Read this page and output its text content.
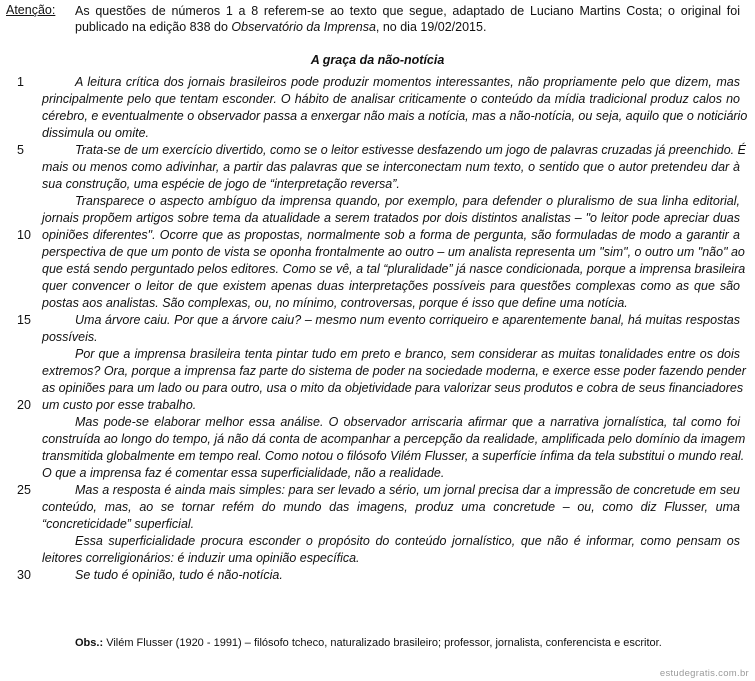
Atenção: As questões de números 1 a 8 referem-se ao texto que segue, adaptado de Luciano Martins Costa; o original foi publicado na edição 838 do Observatório da Imprensa, no dia 19/02/2015.
A graça da não-notícia
1	A leitura crítica dos jornais brasileiros pode produzir momentos interessantes, não propriamente pelo que dizem, mas
principalmente pelo que tentam esconder. O hábito de analisar criticamente o conteúdo da mídia tradicional produz calos no
cérebro, e eventualmente o observador passa a enxergar não mais a notícia, mas a não-notícia, ou seja, aquilo que o noticiário
dissimula ou omite.
5	Trata-se de um exercício divertido, como se o leitor estivesse desfazendo um jogo de palavras cruzadas já preenchido. É
mais ou menos como adivinhar, a partir das palavras que se interconectam num texto, o sentido que o autor pretendeu dar à
sua construção, uma espécie de jogo de “interpretação reversa”.
Transparece o aspecto ambíguo da imprensa quando, por exemplo, para defender o pluralismo de sua linha editorial,
jornais propõem artigos sobre tema da atualidade a serem tratados por dois distintos analistas – "o leitor pode apreciar duas
10 opiniões diferentes". Ocorre que as propostas, normalmente sob a forma de pergunta, são formuladas de modo a garantir a
perspectiva de que um ponto de vista se oponha frontalmente ao outro – um analista representa um "sim", o outro um "não" ao
que está sendo perguntado pelos editores. Como se vê, a tal “pluralidade” já nasce condicionada, porque a imprensa brasileira
quer convencer o leitor de que existem apenas duas interpretações possíveis para questões complexas como as que são
postas aos analistas. São complexas, ou, no mínimo, controversas, porque é isso que define uma notícia.
15	Uma árvore caiu. Por que a árvore caiu? – mesmo num evento corriqueiro e aparentemente banal, há muitas respostas
possíveis.
Por que a imprensa brasileira tenta pintar tudo em preto e branco, sem considerar as muitas tonalidades entre os dois
extremos? Ora, porque a imprensa faz parte do sistema de poder na sociedade moderna, e exerce esse poder fazendo pender
as opiniões para um lado ou para outro, usa o mito da objetividade para valorizar seus produtos e cobra de seus financiadores
20 um custo por esse trabalho.
Mas pode-se elaborar melhor essa análise. O observador arriscaria afirmar que a narrativa jornalística, tal como foi
construída ao longo do tempo, já não dá conta de acompanhar a percepção da realidade, amplificada pelo domínio da imagem
transmitida globalmente em tempo real. Como notou o filósofo Vilém Flusser, a superfície ínfima da tela substitui o mundo real.
O que a imprensa faz é comentar essa superficialidade, não a realidade.
25	Mas a resposta é ainda mais simples: para ser levado a sério, um jornal precisa dar a impressão de concretude em seu
conteúdo, mas, ao se tornar refém do mundo das imagens, produz uma concretude – ou, como diz Flusser, uma
“concreticidade” superficial.
Essa superficialidade procura esconder o propósito do conteúdo jornalístico, que não é informar, como pensam os
leitores correligionários: é induzir uma opinião específica.
30	Se tudo é opinião, tudo é não-notícia.
Obs.: Vilém Flusser (1920 - 1991) – filósofo tcheco, naturalizado brasileiro; professor, jornalista, conferencista e escritor.
estudegratis.com.br
